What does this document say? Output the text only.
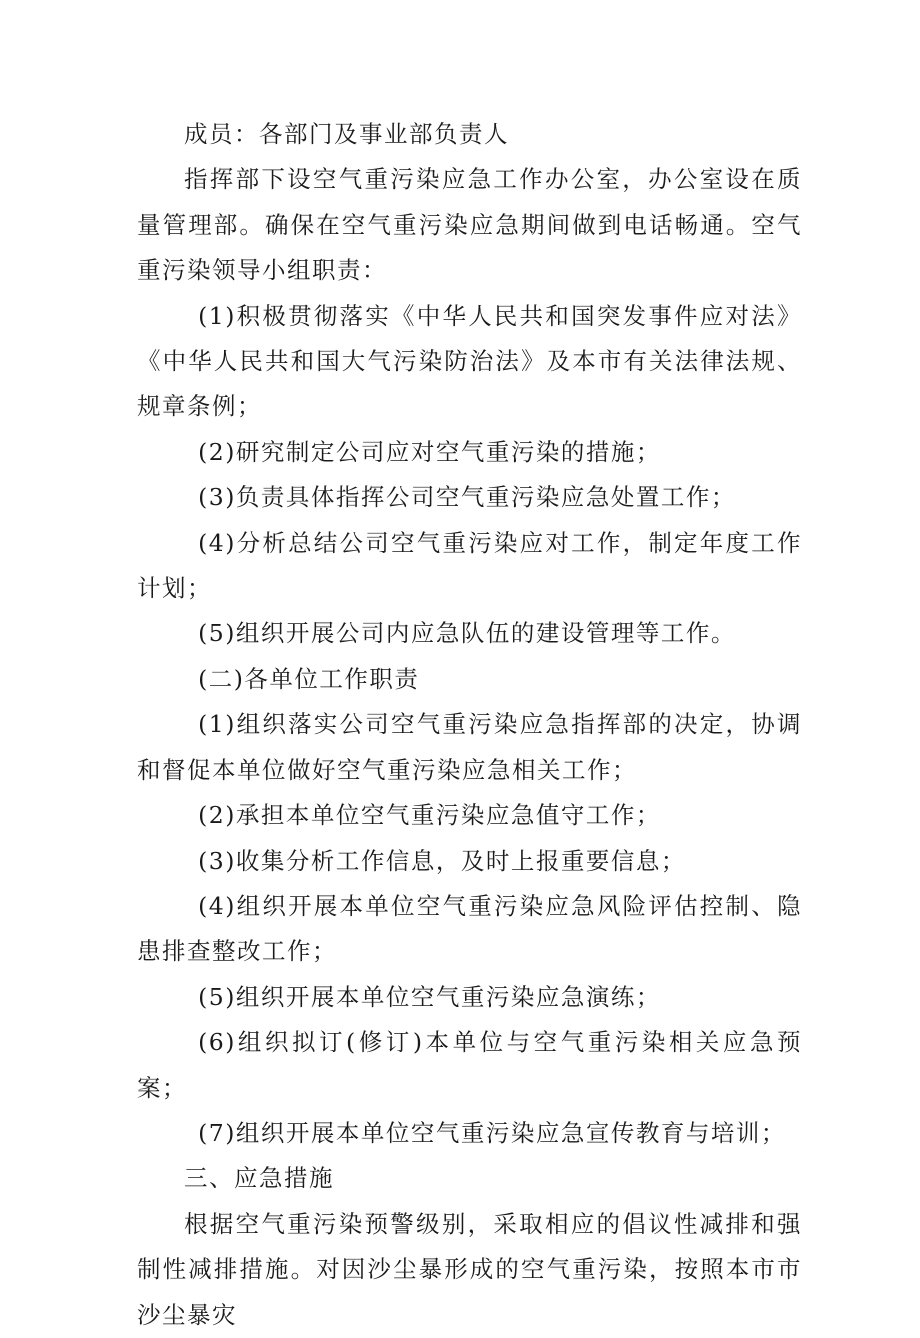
成员：各部门及事业部负责人

指挥部下设空气重污染应急工作办公室，办公室设在质量管理部。确保在空气重污染应急期间做到电话畅通。空气重污染领导小组职责：

(1)积极贯彻落实《中华人民共和国突发事件应对法》《中华人民共和国大气污染防治法》及本市有关法律法规、规章条例；

(2)研究制定公司应对空气重污染的措施；

(3)负责具体指挥公司空气重污染应急处置工作；

(4)分析总结公司空气重污染应对工作，制定年度工作计划；

(5)组织开展公司内应急队伍的建设管理等工作。

(二)各单位工作职责

(1)组织落实公司空气重污染应急指挥部的决定，协调和督促本单位做好空气重污染应急相关工作；

(2)承担本单位空气重污染应急值守工作；

(3)收集分析工作信息，及时上报重要信息；

(4)组织开展本单位空气重污染应急风险评估控制、隐患排查整改工作；

(5)组织开展本单位空气重污染应急演练；

(6)组织拟订(修订)本单位与空气重污染相关应急预案；

(7)组织开展本单位空气重污染应急宣传教育与培训；

三、应急措施

根据空气重污染预警级别，采取相应的倡议性减排和强制性减排措施。对因沙尘暴形成的空气重污染，按照本市市沙尘暴灾
